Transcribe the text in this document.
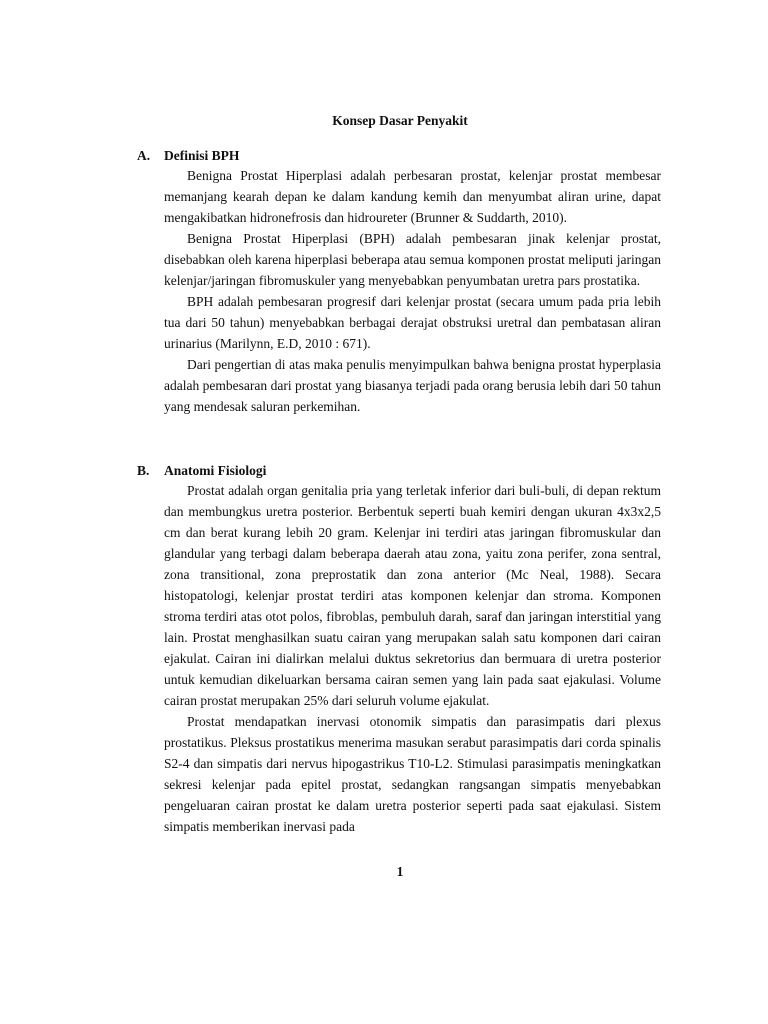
Konsep Dasar Penyakit
A. Definisi BPH

Benigna Prostat Hiperplasi adalah perbesaran prostat, kelenjar prostat membesar memanjang kearah depan ke dalam kandung kemih dan menyumbat aliran urine, dapat mengakibatkan hidronefrosis dan hidroureter (Brunner & Suddarth, 2010).

Benigna Prostat Hiperplasi (BPH) adalah pembesaran jinak kelenjar prostat, disebabkan oleh karena hiperplasi beberapa atau semua komponen prostat meliputi jaringan kelenjar/jaringan fibromuskuler yang menyebabkan penyumbatan uretra pars prostatika.

BPH adalah pembesaran progresif dari kelenjar prostat (secara umum pada pria lebih tua dari 50 tahun) menyebabkan berbagai derajat obstruksi uretral dan pembatasan aliran urinarius (Marilynn, E.D, 2010 : 671).

Dari pengertian di atas maka penulis menyimpulkan bahwa benigna prostat hyperplasia adalah pembesaran dari prostat yang biasanya terjadi pada orang berusia lebih dari 50 tahun yang mendesak saluran perkemihan.

B. Anatomi Fisiologi

Prostat adalah organ genitalia pria yang terletak inferior dari buli-buli, di depan rektum dan membungkus uretra posterior. Berbentuk seperti buah kemiri dengan ukuran 4x3x2,5 cm dan berat kurang lebih 20 gram. Kelenjar ini terdiri atas jaringan fibromuskular dan glandular yang terbagi dalam beberapa daerah atau zona, yaitu zona perifer, zona sentral, zona transitional, zona preprostatik dan zona anterior (Mc Neal, 1988). Secara histopatologi, kelenjar prostat terdiri atas komponen kelenjar dan stroma. Komponen stroma terdiri atas otot polos, fibroblas, pembuluh darah, saraf dan jaringan interstitial yang lain. Prostat menghasilkan suatu cairan yang merupakan salah satu komponen dari cairan ejakulat. Cairan ini dialirkan melalui duktus sekretorius dan bermuara di uretra posterior untuk kemudian dikeluarkan bersama cairan semen yang lain pada saat ejakulasi. Volume cairan prostat merupakan 25% dari seluruh volume ejakulat.

Prostat mendapatkan inervasi otonomik simpatis dan parasimpatis dari plexus prostatikus. Pleksus prostatikus menerima masukan serabut parasimpatis dari corda spinalis S2-4 dan simpatis dari nervus hipogastrikus T10-L2. Stimulasi parasimpatis meningkatkan sekresi kelenjar pada epitel prostat, sedangkan rangsangan simpatis menyebabkan pengeluaran cairan prostat ke dalam uretra posterior seperti pada saat ejakulasi. Sistem simpatis memberikan inervasi pada

1
